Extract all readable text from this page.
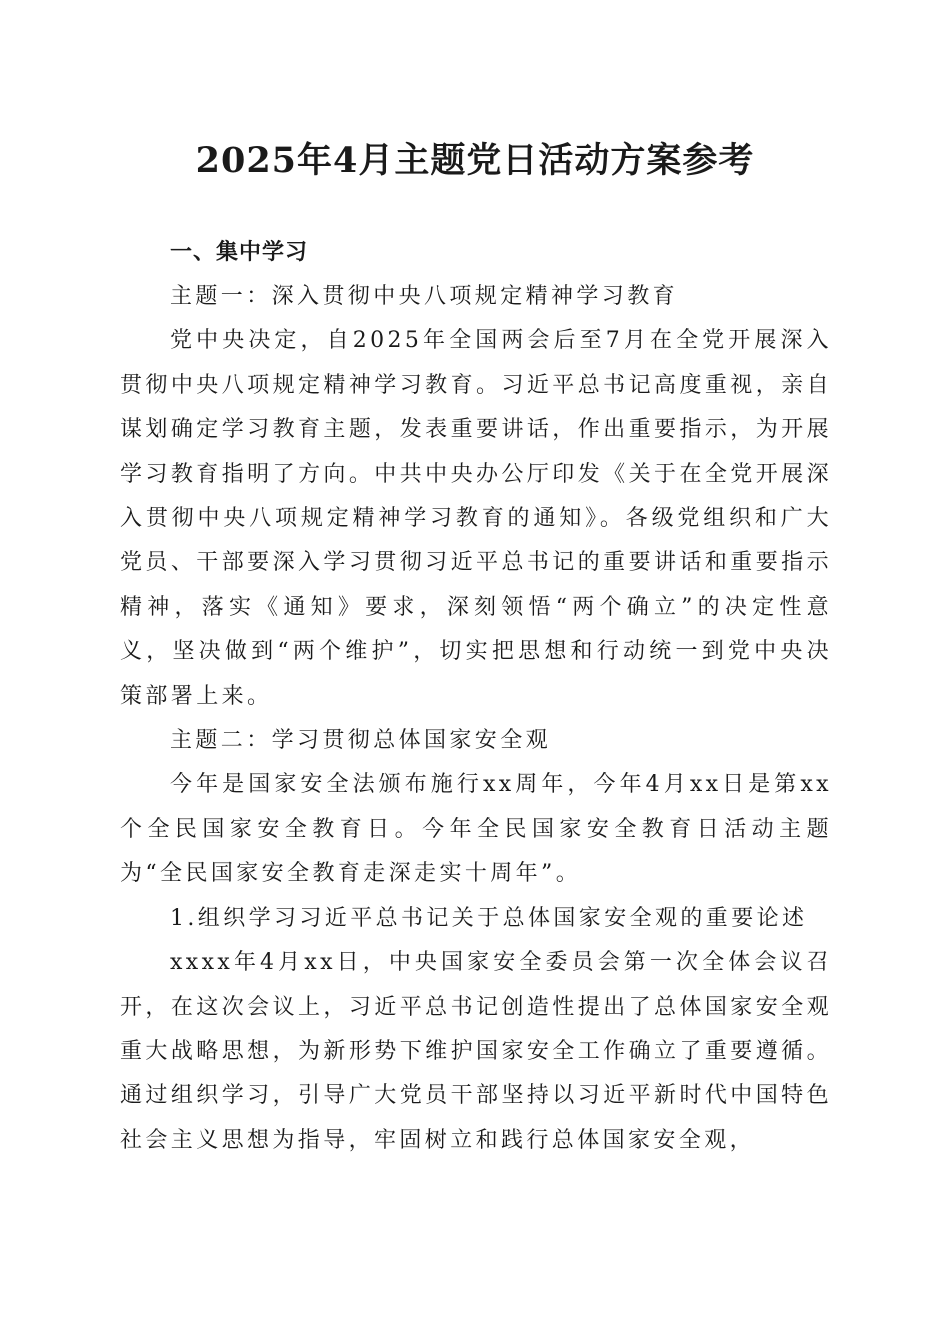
2025年4月主题党日活动方案参考

一、集中学习

主题一：深入贯彻中央八项规定精神学习教育

党中央决定，自2025年全国两会后至7月在全党开展深入贯彻中央八项规定精神学习教育。习近平总书记高度重视，亲自谋划确定学习教育主题，发表重要讲话，作出重要指示，为开展学习教育指明了方向。中共中央办公厅印发《关于在全党开展深入贯彻中央八项规定精神学习教育的通知》。各级党组织和广大党员、干部要深入学习贯彻习近平总书记的重要讲话和重要指示精神，落实《通知》要求，深刻领悟“两个确立”的决定性意义，坚决做到“两个维护”，切实把思想和行动统一到党中央决策部署上来。

主题二：学习贯彻总体国家安全观

今年是国家安全法颁布施行xx周年，今年4月xx日是第xx个全民国家安全教育日。今年全民国家安全教育日活动主题为“全民国家安全教育走深走实十周年”。

1.组织学习习近平总书记关于总体国家安全观的重要论述

xxxx年4月xx日，中央国家安全委员会第一次全体会议召开，在这次会议上，习近平总书记创造性提出了总体国家安全观重大战略思想，为新形势下维护国家安全工作确立了重要遵循。通过组织学习，引导广大党员干部坚持以习近平新时代中国特色社会主义思想为指导，牢固树立和践行总体国家安全观，
